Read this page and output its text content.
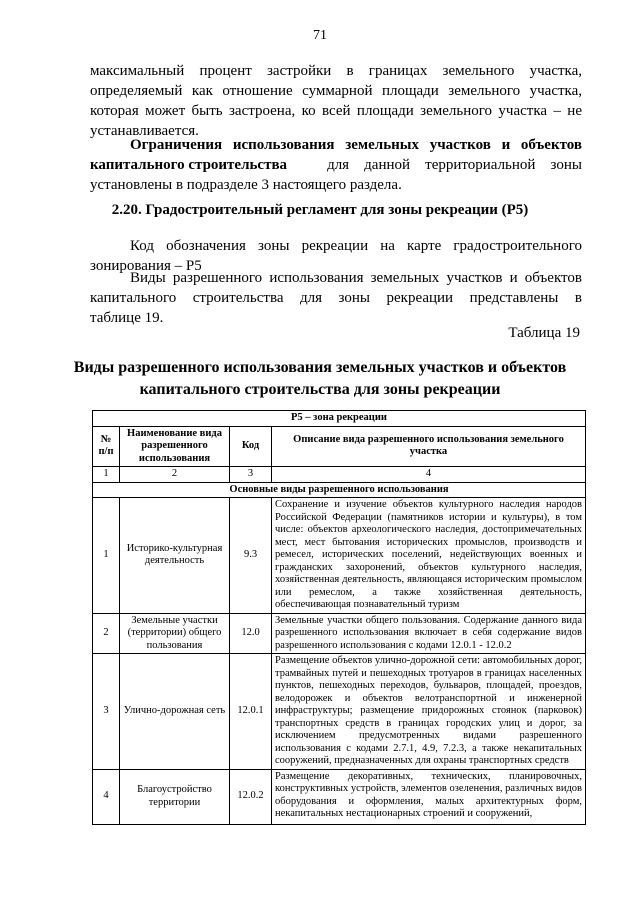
71
максимальный процент застройки в границах земельного участка,
определяемый как отношение суммарной площади земельного участка,
которая может быть застроена, ко всей площади земельного участка – не
устанавливается.
Ограничения использования земельных участков и объектов
капитального строительства	для данной территориальной зоны
установлены в подразделе 3 настоящего раздела.
2.20. Градостроительный регламент для зоны рекреации (Р5)
Код обозначения зоны рекреации на карте градостроительного
зонирования – Р5
Виды разрешенного использования земельных участков и объектов
капитального строительства для зоны рекреации представлены в
таблице 19.
Таблица 19
Виды разрешенного использования земельных участков и объектов
капитального строительства для зоны рекреации
Р5 – зона рекреации			
№ п/п	Наименование вида разрешенного использования	Код	Описание вида разрешенного использования земельного участка
1	2	3	4
Основные виды разрешенного использования			
1	Историко-культурная деятельность	9.3	Сохранение и изучение объектов культурного наследия народов Российской Федерации (памятников истории и культуры), в том числе: объектов археологического наследия, достопримечательных мест, мест бытования исторических промыслов, производств и ремесел, исторических поселений, недействующих военных и гражданских захоронений, объектов культурного наследия, хозяйственная деятельность, являющаяся историческим промыслом или ремеслом, а также хозяйственная деятельность, обеспечивающая познавательный туризм
2	Земельные участки (территории) общего пользования	12.0	Земельные участки общего пользования. Содержание данного вида разрешенного использования включает в себя содержание видов разрешенного использования с кодами 12.0.1 - 12.0.2
3	Улично-дорожная сеть	12.0.1	Размещение объектов улично-дорожной сети: автомобильных дорог, трамвайных путей и пешеходных тротуаров в границах населенных пунктов, пешеходных переходов, бульваров, площадей, проездов, велодорожек и объектов велотранспортной и инженерной инфраструктуры; размещение придорожных стоянок (парковок) транспортных средств в границах городских улиц и дорог, за исключением предусмотренных видами разрешенного использования с кодами 2.7.1, 4.9, 7.2.3, а также некапитальных сооружений, предназначенных для охраны транспортных средств
4	Благоустройство территории	12.0.2	Размещение декоративных, технических, планировочных, конструктивных устройств, элементов озеленения, различных видов оборудования и оформления, малых архитектурных форм, некапитальных нестационарных строений и сооружений,
